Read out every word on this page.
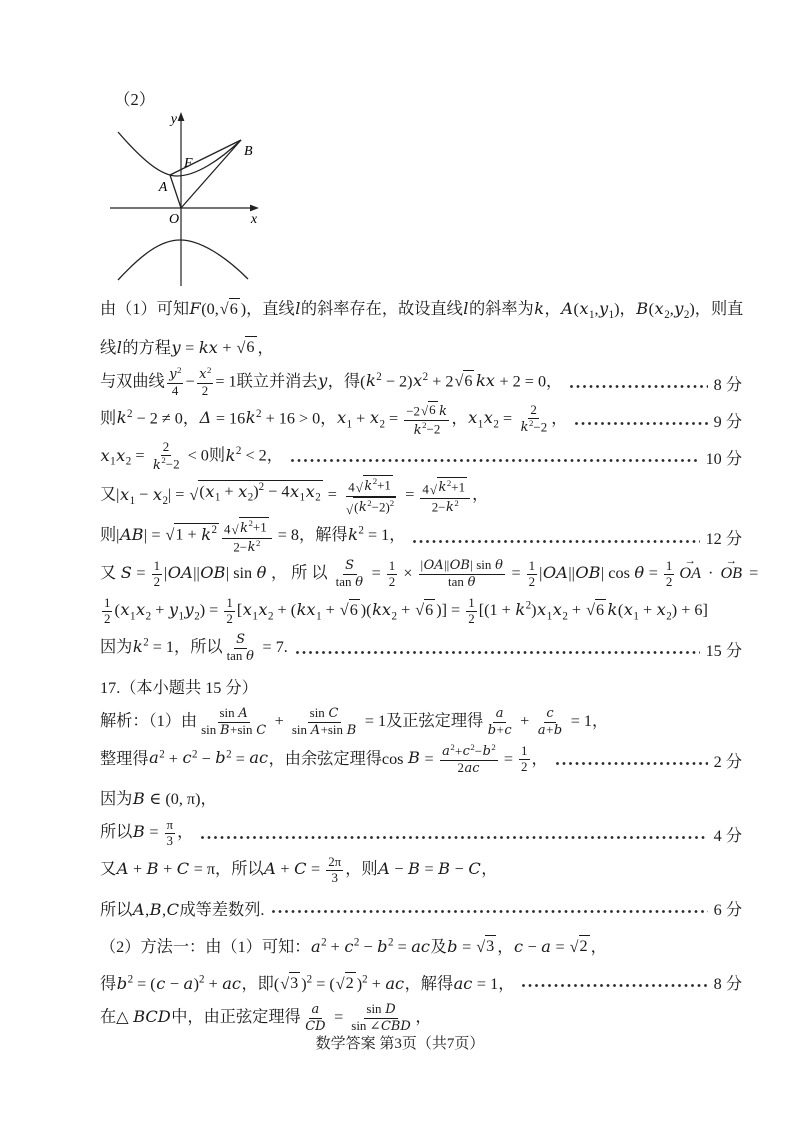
（2）
y
x
O
A
B
F
由（1）可知F(0, √ 6 )，直线l的斜率存在，故设直线l的斜率为k，$A(x_1,y_1)$，$B(x_2,y_2)$，则直
线l的方程y = kx + √ 6 ，
与双曲线 $\frac{y^2}{4} - \frac{x^2}{2} = 1$联立并消去y，得$(k^2 - 2)x^2 + 2$ √ 6 kx + 2 = 0，	8 分
则$k^2 - 2 \ne 0$，$\Delta = 16k^2 + 16 > 0$，$x_1 + x_2 = \frac{-2 √ 6 k}{k^2-2}$ ，$x_1x_2 = \frac{2}{k^2-2}$ ，	9 分
$x_1x_2 = \frac{2}{k^2-2} < 0$则$k^2 < 2$，	10 分
又$|x_1 - x_2|$ = √ $(x_1 + x_2)^2 - 4x_1x_2 = \frac{4 √ k^2+1}{√ (k^2-2)^2} = \frac{4 √ k^2+1}{2-k^2}$ ，
则|AB| = √ $1 + k^2 \frac{4 √ k^2+1}{2-k^2} = 8$，解得$k^2 = 1$，	12 分
又 $S = \frac{1}{2} |OA||OB|$ sin θ ， 所 以 $\frac{S}{\text{tan θ}} = \frac{1}{2} \times \frac{\text{|OA||OB| sin θ}}{\text{tan θ}} = \frac{1}{2} |OA||OB|$ $\cos \theta = \frac{1}{2}$ OA
→
· OB
→
=
$\frac{1}{2} (x_1x_2 + y_1y_2) = \frac{1}{2} [x_1x_2 + (kx_1$ + √ 6 )($kx_2$ + √ 6 )] = $\frac{1}{2} [(1 + k^2)x_1x_2$ + √ 6 $k(x_1 + x_2) + 6$]
因为$k^2 = 1$，所以 $\frac{S}{\text{tan θ}} = 7$.	15 分
17.（本小题共 15 分）
解析：（1）由 $\frac{\text{sin A}}{\text{sin B+sin C}} + \frac{\text{sin C}}{\text{sin A+sin B}} = 1$及正弦定理得 $\frac{a}{b+c} + \frac{c}{a+b} = 1$，
整理得$a^2 + c^2 - b^2$ = ac，由余弦定理得$\cos B = \frac{a^2+c^2-b^2}{2ac} = \frac{1}{2}$ ，	2 分
因为B ∈ (0, π)，
所以$B = \frac{\pi}{3}$ ，	4 分
又A + B + C = π，所以$A + C = \frac{2\pi}{3}$ ，则A − B = B − C，
所以A,B,C成等差数列.	6 分
（2）方法一：由（1）可知：$a^2 + c^2 - b^2$ = ac及b = √ 3 ，c − a = √ 2 ，
得$b^2 = (c - a)^2$ + ac，即( √ 3 )$^2$ = ( √ 2 )$^2$ + ac，解得ac = 1，	8 分
在△ BCD中，由正弦定理得 $\frac{a}{CD} = \frac{\text{sin D}}{\text{sin ∠CBD}}$ ，
数学答案 第3页（共7页）
